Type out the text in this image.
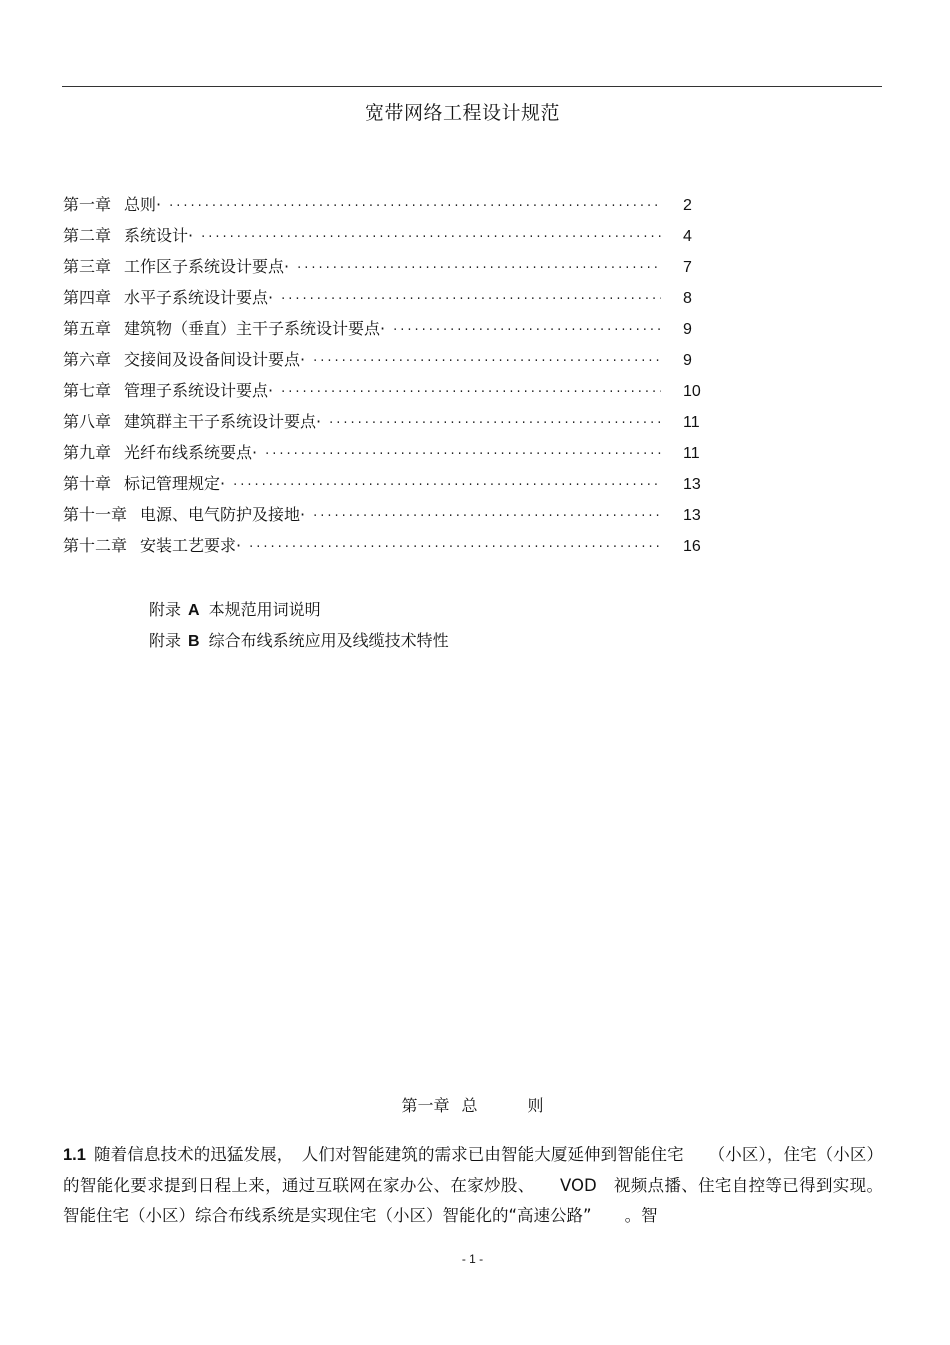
宽带网络工程设计规范
第一章 总则· ·····	2
第二章 系统设计· ·····	4
第三章 工作区子系统设计要点· ·····	7
第四章 水平子系统设计要点· ·····	8
第五章 建筑物（垂直）主干子系统设计要点· ·····	9
第六章 交接间及设备间设计要点· ·····	9
第七章 管理子系统设计要点· ·····	10
第八章 建筑群主干子系统设计要点· ·····	11
第九章 光纤布线系统要点· ·····	11
第十章 标记管理规定· ·····	13
第十一章 电源、电气防护及接地· ·····	13
第十二章 安装工艺要求· ·····	16
附录 A 本规范用词说明
附录 B 综合布线系统应用及线缆技术特性
第一章 总	则
1.1 随着信息技术的迅猛发展，　人们对智能建筑的需求已由智能大厦延伸到智能住宅　　（小区），住宅（小区）的智能化要求提到日程上来，通过互联网在家办公、在家炒股、　　VOD　视频点播、住宅自控等已得到实现。智能住宅（小区）综合布线系统是实现住宅（小区）智能化的“高速公路”　　。智
- 1 -
